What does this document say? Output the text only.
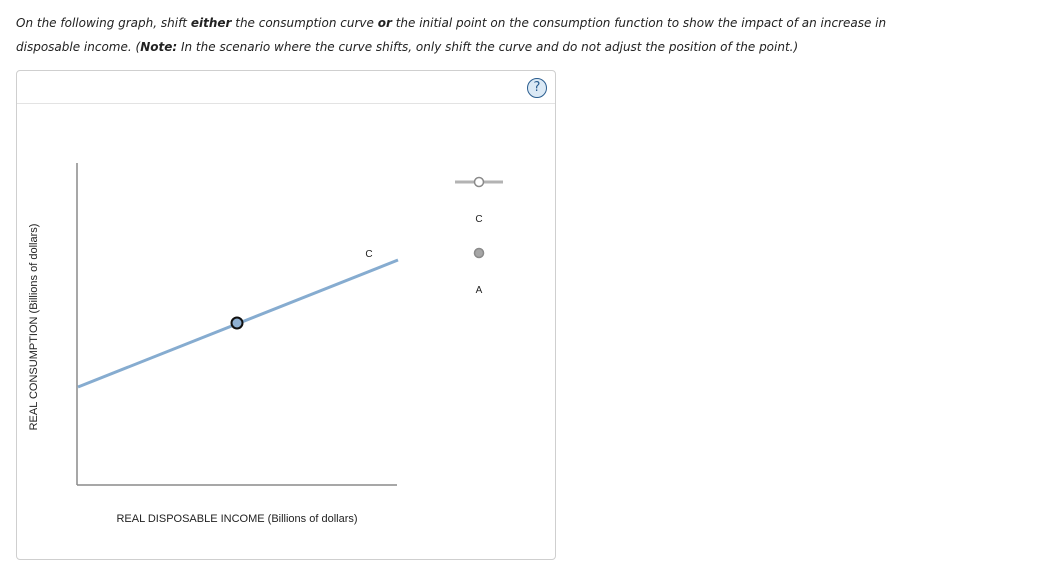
On the following graph, shift either the consumption curve or the initial point on the consumption function to show the impact of an increase in
disposable income. (Note: In the scenario where the curve shifts, only shift the curve and do not adjust the position of the point.)
?
REAL CONSUMPTION (Billions of dollars)	C
C
A
REAL DISPOSABLE INCOME (Billions of dollars)
